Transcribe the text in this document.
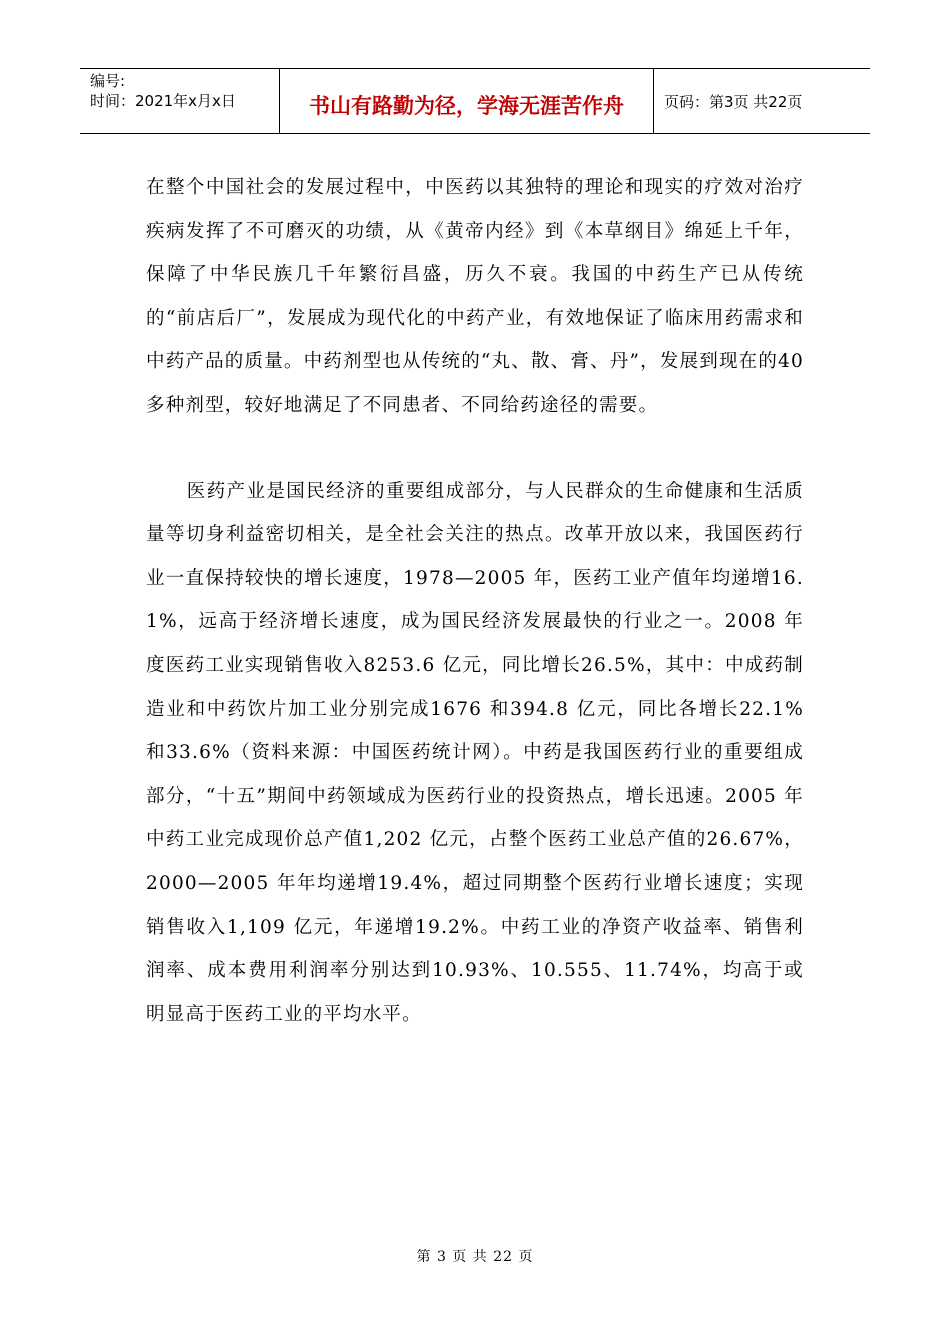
编号:
时间：2021年x月x日	书山有路勤为径，学海无涯苦作舟	页码：第3页 共22页

在整个中国社会的发展过程中，中医药以其独特的理论和现实的疗效对治疗疾病发挥了不可磨灭的功绩，从《黄帝内经》到《本草纲目》绵延上千年，保障了中华民族几千年繁衍昌盛，历久不衰。我国的中药生产已从传统的“前店后厂”，发展成为现代化的中药产业，有效地保证了临床用药需求和中药产品的质量。中药剂型也从传统的“丸、散、膏、丹”，发展到现在的40 多种剂型，较好地满足了不同患者、不同给药途径的需要。

医药产业是国民经济的重要组成部分，与人民群众的生命健康和生活质量等切身利益密切相关，是全社会关注的热点。改革开放以来，我国医药行业一直保持较快的增长速度，1978—2005 年，医药工业产值年均递增16.1%，远高于经济增长速度，成为国民经济发展最快的行业之一。2008 年度医药工业实现销售收入8253.6 亿元，同比增长26.5%，其中：中成药制造业和中药饮片加工业分别完成1676 和394.8 亿元，同比各增长22.1%和33.6%（资料来源：中国医药统计网）。中药是我国医药行业的重要组成部分，“十五”期间中药领域成为医药行业的投资热点，增长迅速。2005 年中药工业完成现价总产值1,202 亿元，占整个医药工业总产值的26.67%，2000—2005 年年均递增19.4%，超过同期整个医药行业增长速度；实现销售收入1,109 亿元，年递增19.2%。中药工业的净资产收益率、销售利润率、成本费用利润率分别达到10.93%、10.555、11.74%，均高于或明显高于医药工业的平均水平。

第 3 页 共 22 页
